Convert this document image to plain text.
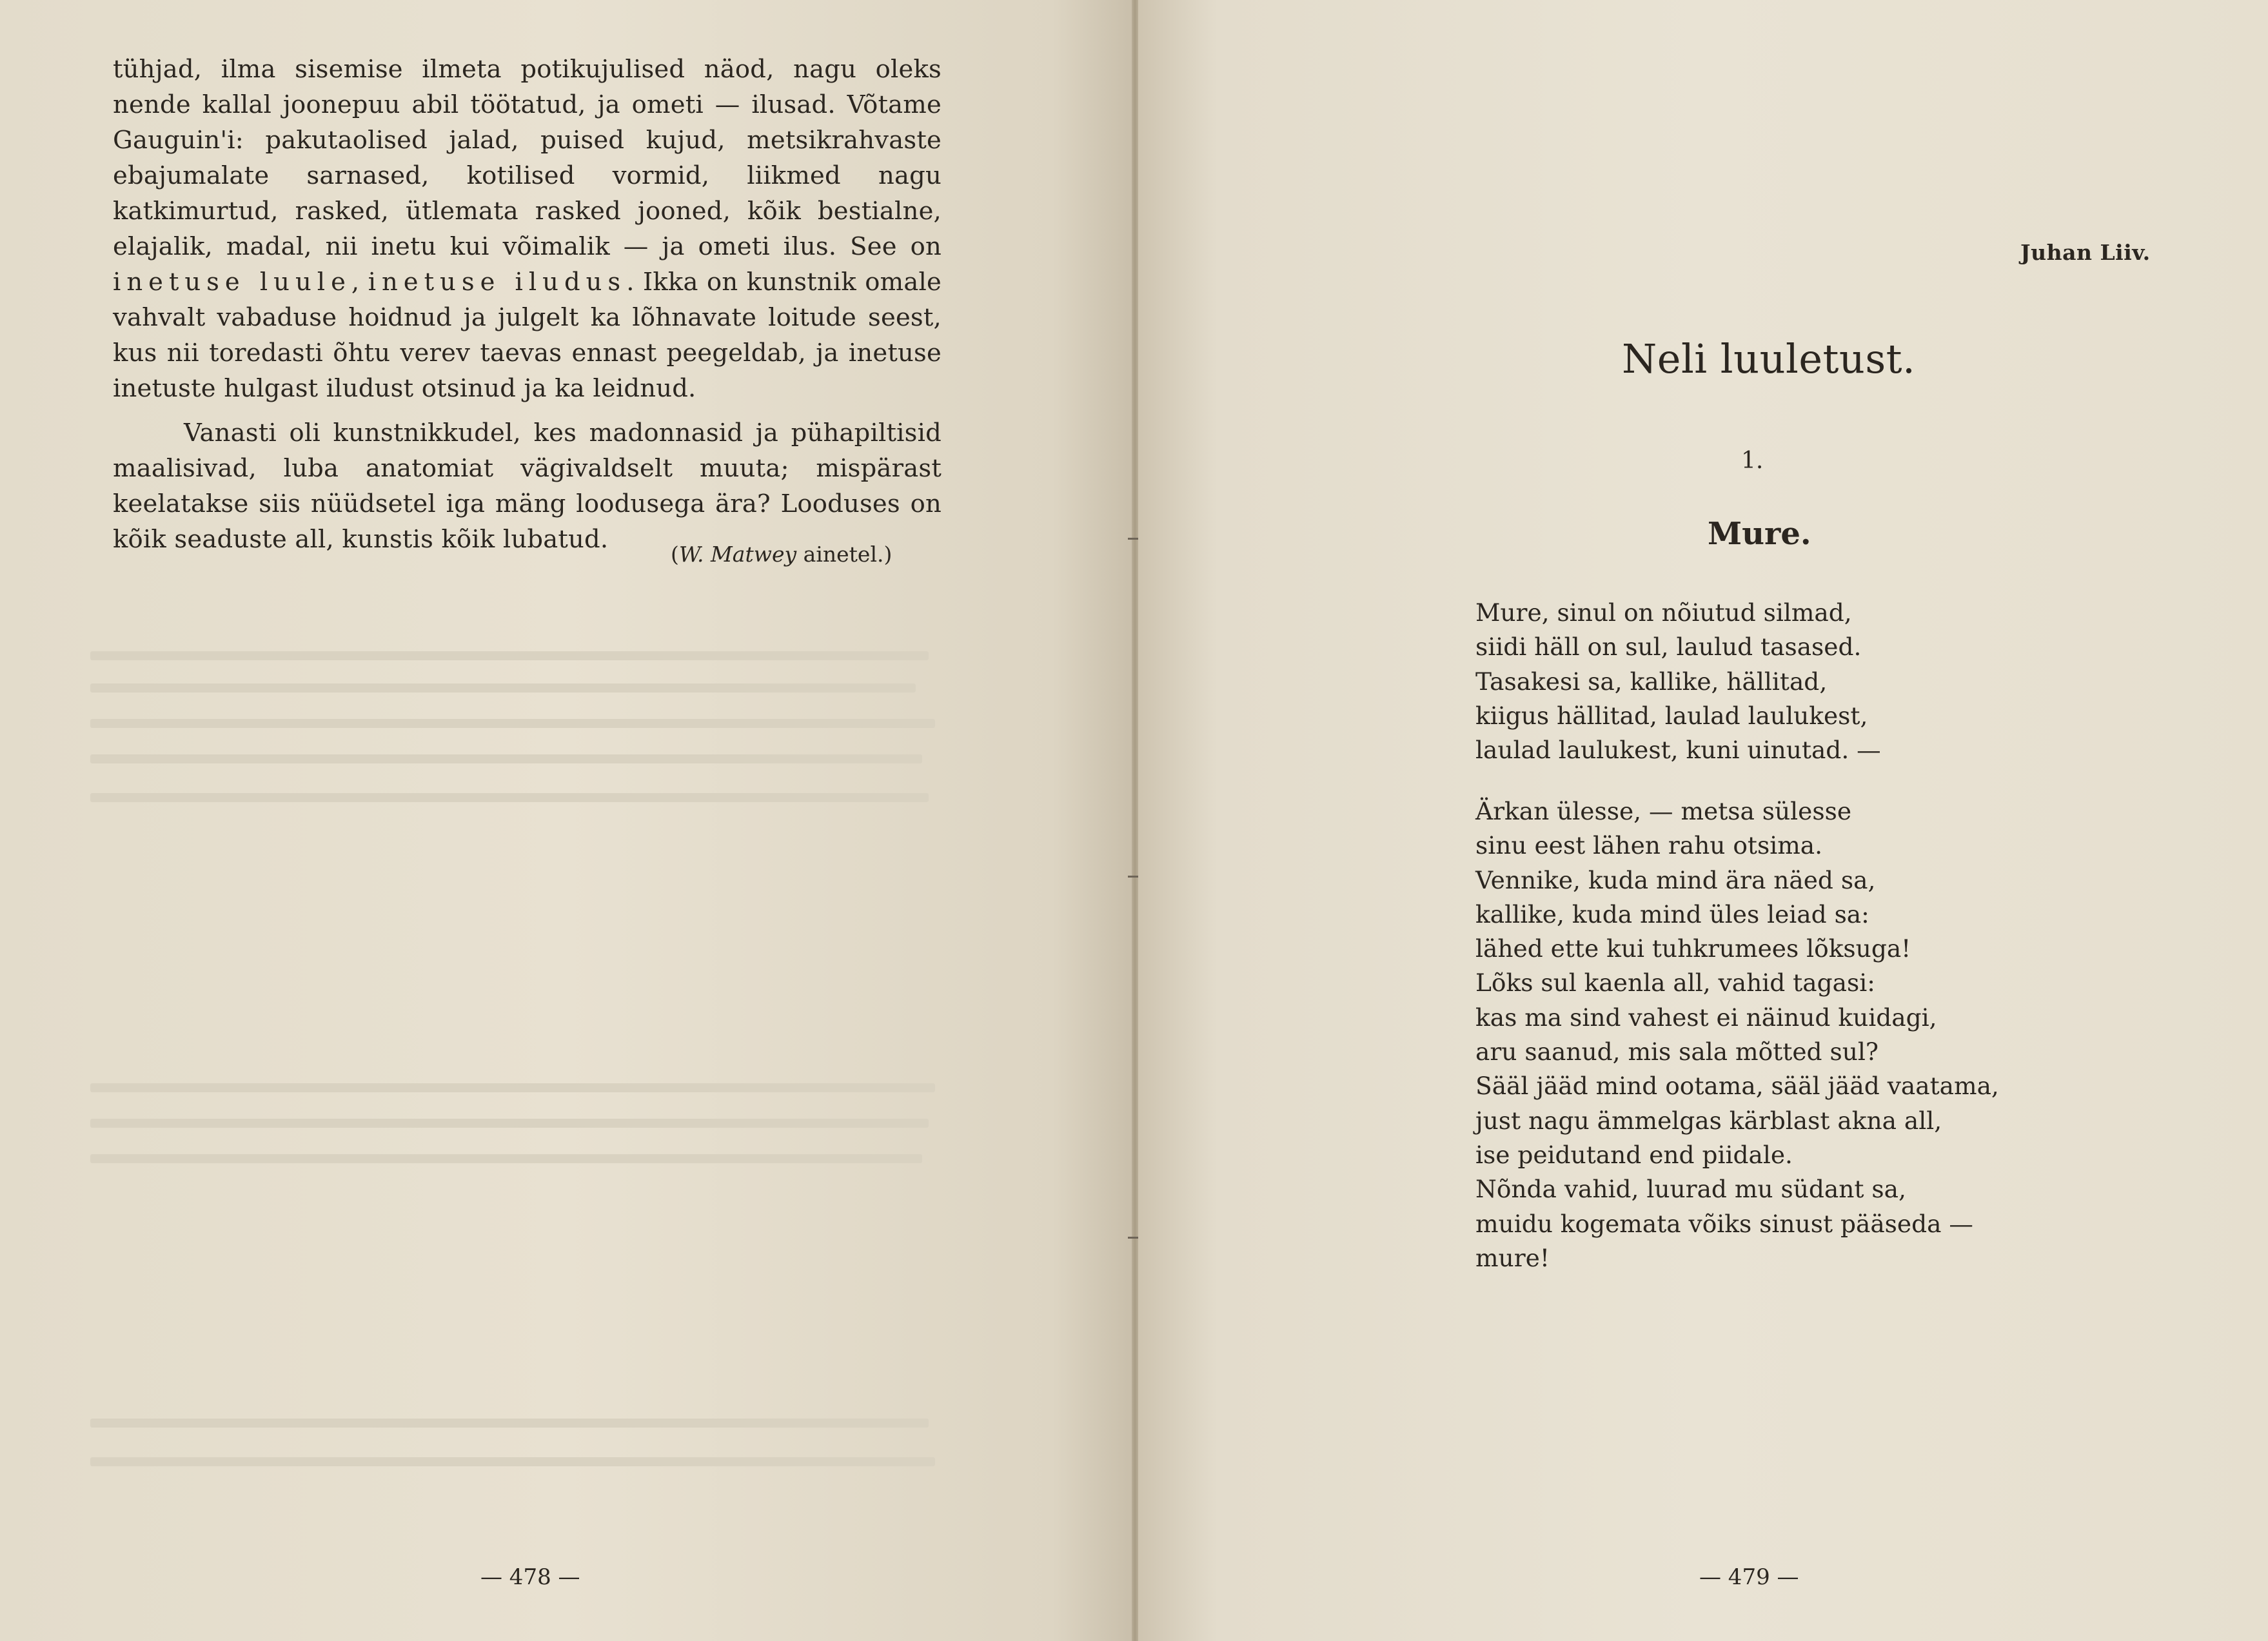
tühjad, ilma sisemise ilmeta potikujulised näod, nagu oleks nende kallal joonepuu abil töötatud, ja ometi — ilusad. Võtame Gauguin'i: pakutaolised jalad, puised kujud, metsikrahvaste ebajumalate sarnased, kotilised vormid, liikmed nagu katkimurtud, rasked, ütlemata rasked jooned, kõik bestialne, elajalik, madal, nii inetu kui võimalik — ja ometi ilus. See on inetuse luule, inetuse iludus. Ikka on kunstnik omale vahvalt vabaduse hoidnud ja julgelt ka lõhnavate loitude seest, kus nii toredasti õhtu verev taevas ennast peegeldab, ja inetuse inetuste hulgast iludust otsinud ja ka leidnud.

Vanasti oli kunstnikkudel, kes madonnasid ja pühapiltisid maalisivad, luba anatomiat vägivaldselt muuta; mispärast keelatakse siis nüüdsetel iga mäng loodusega ära? Looduses on kõik seaduste all, kunstis kõik lubatud.

(W. Matwey ainetel.)
— 478 —
Juhan Liiv.
Neli luuletust.
1.
Mure.
Mure, sinul on nõiutud silmad,
siidi häll on sul, laulud tasased.
Tasakesi sa, kallike, hällitad,
kiigus hällitad, laulad laulukest,
laulad laulukest, kuni uinutad. —
Ärkan ülesse, — metsa sülesse
sinu eest lähen rahu otsima.
Vennike, kuda mind ära näed sa,
kallike, kuda mind üles leiad sa:
lähed ette kui tuhkrumees lõksuga!
Lõks sul kaenla all, vahid tagasi:
kas ma sind vahest ei näinud kuidagi,
aru saanud, mis sala mõtted sul?
Sääl jääd mind ootama, sääl jääd vaatama,
just nagu ämmelgas kärblast akna all,
ise peidutand end piidale.
Nõnda vahid, luurad mu südant sa,
muidu kogemata võiks sinust pääseda —
mure!
— 479 —
